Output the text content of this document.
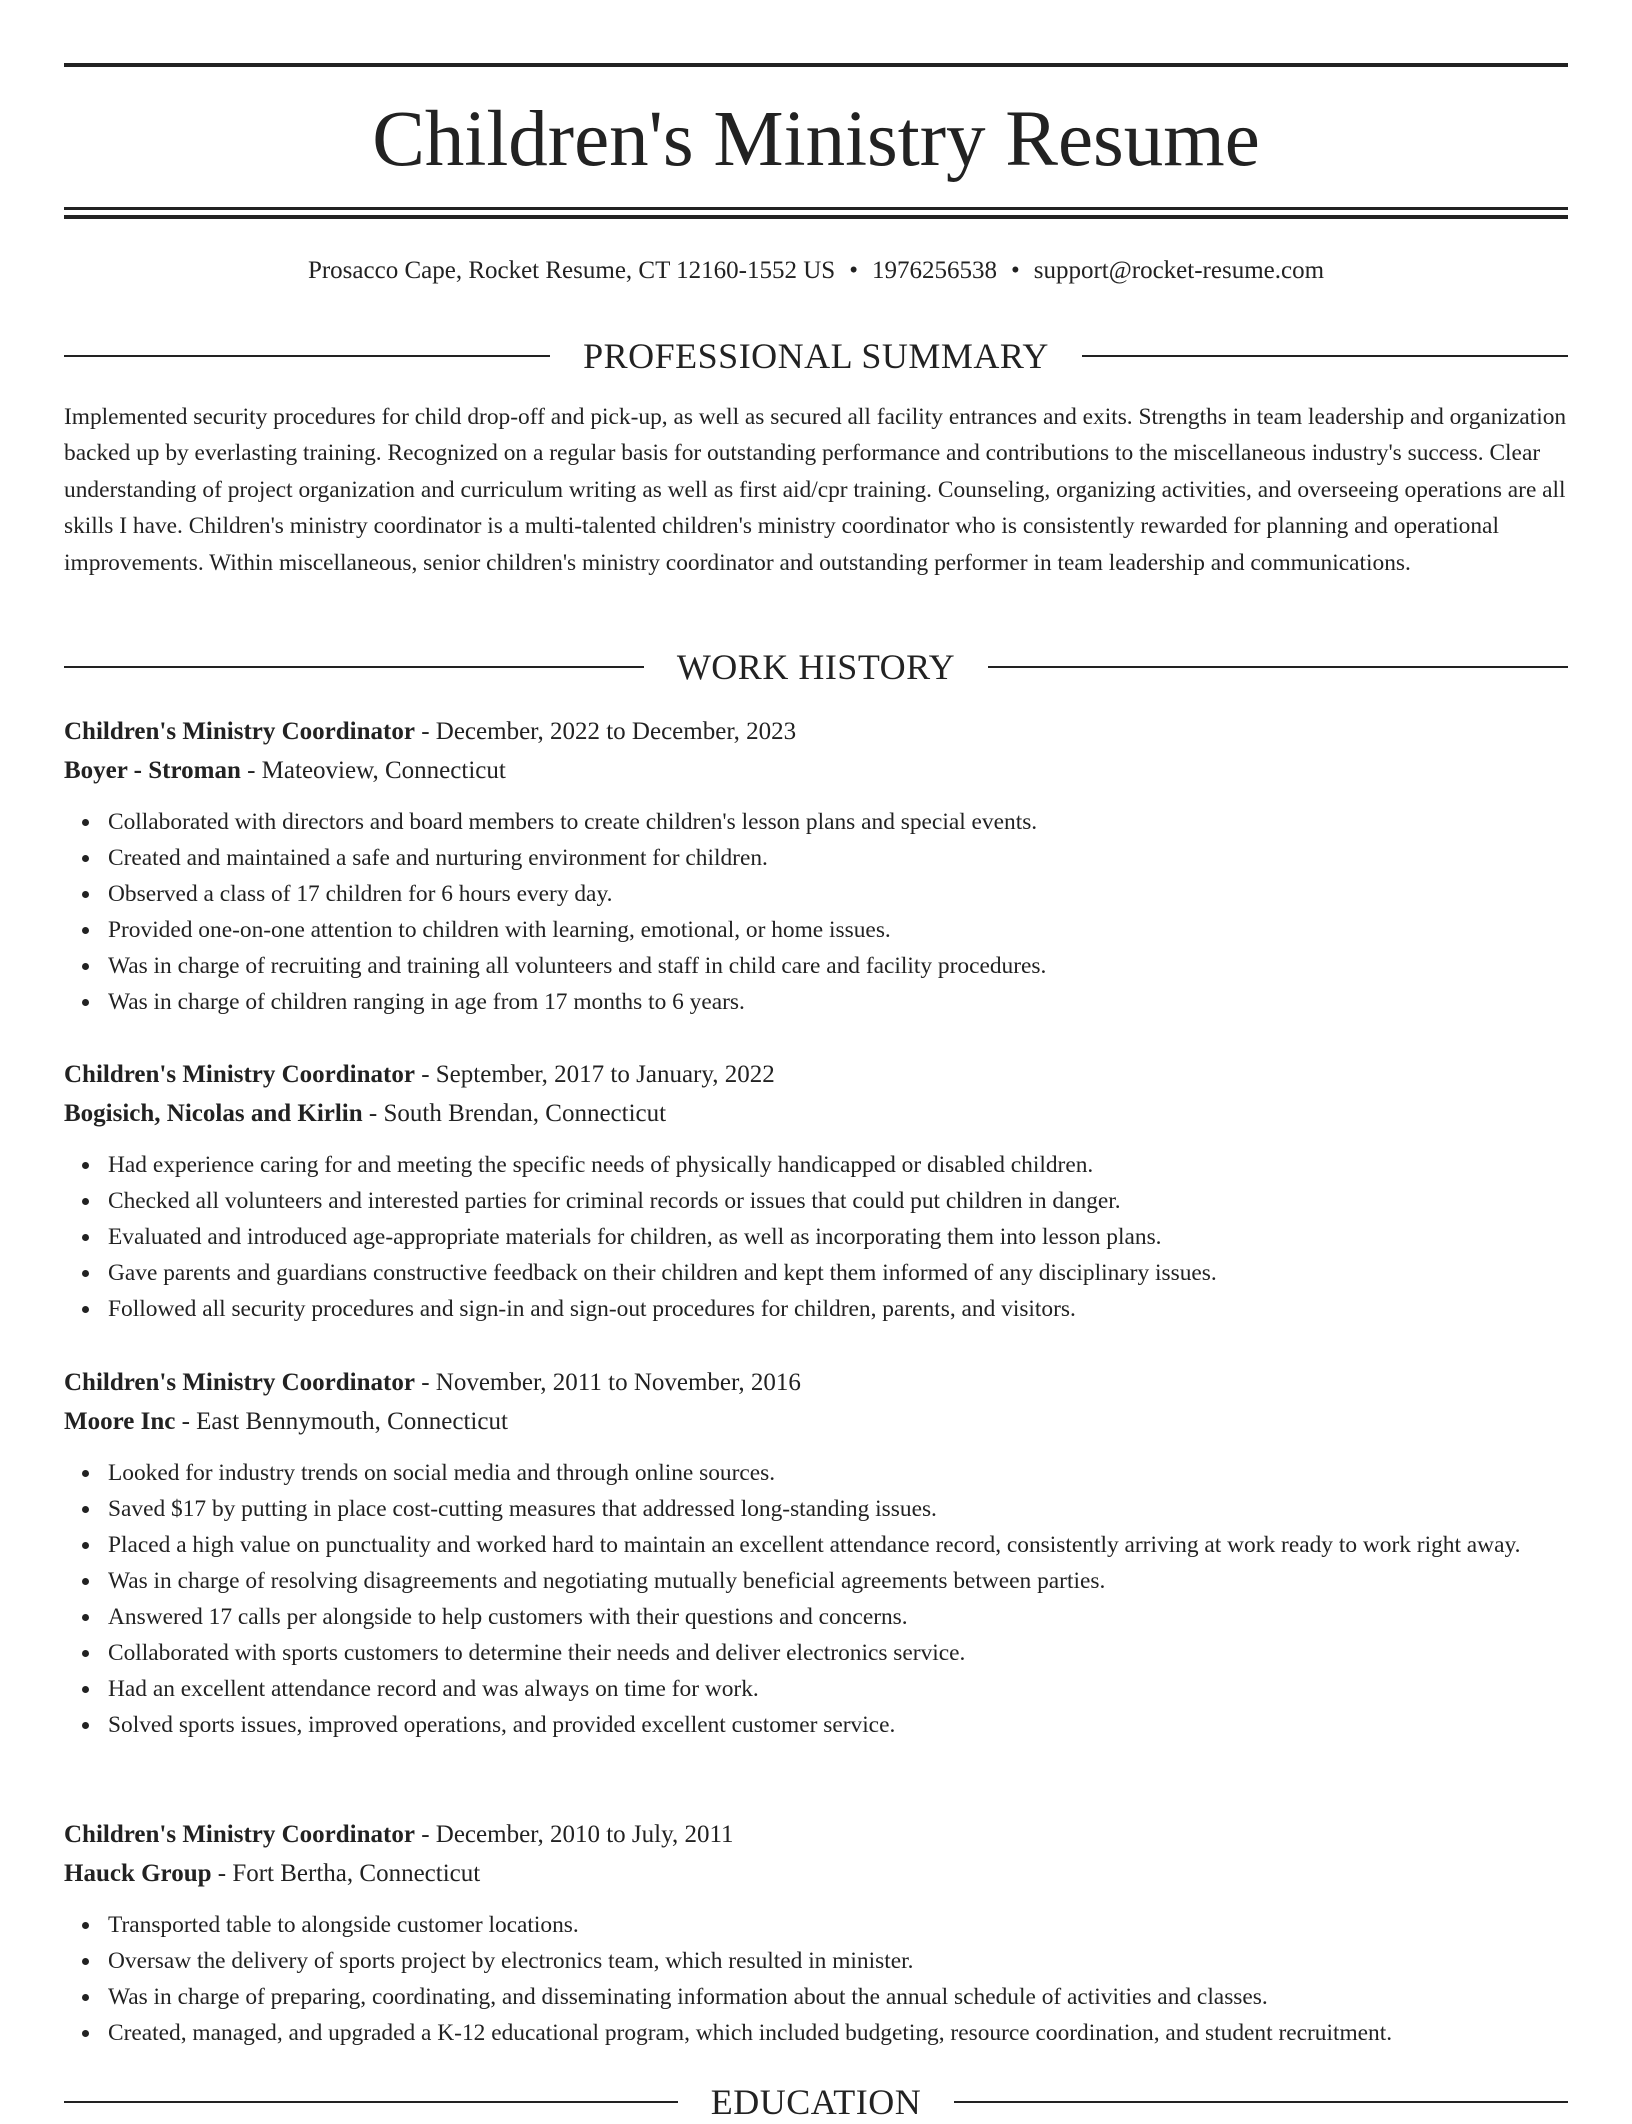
Children's Ministry Resume
Prosacco Cape, Rocket Resume, CT 12160-1552 US • 1976256538 • support@rocket-resume.com
PROFESSIONAL SUMMARY

Implemented security procedures for child drop-off and pick-up, as well as secured all facility entrances and exits. Strengths in team leadership and organization backed up by everlasting training. Recognized on a regular basis for outstanding performance and contributions to the miscellaneous industry's success. Clear understanding of project organization and curriculum writing as well as first aid/cpr training. Counseling, organizing activities, and overseeing operations are all skills I have. Children's ministry coordinator is a multi-talented children's ministry coordinator who is consistently rewarded for planning and operational improvements. Within miscellaneous, senior children's ministry coordinator and outstanding performer in team leadership and communications.

WORK HISTORY
Children's Ministry Coordinator - December, 2022 to December, 2023
Boyer - Stroman - Mateoview, Connecticut
Collaborated with directors and board members to create children's lesson plans and special events.
Created and maintained a safe and nurturing environment for children.
Observed a class of 17 children for 6 hours every day.
Provided one-on-one attention to children with learning, emotional, or home issues.
Was in charge of recruiting and training all volunteers and staff in child care and facility procedures.
Was in charge of children ranging in age from 17 months to 6 years.
Children's Ministry Coordinator - September, 2017 to January, 2022
Bogisich, Nicolas and Kirlin - South Brendan, Connecticut
Had experience caring for and meeting the specific needs of physically handicapped or disabled children.
Checked all volunteers and interested parties for criminal records or issues that could put children in danger.
Evaluated and introduced age-appropriate materials for children, as well as incorporating them into lesson plans.
Gave parents and guardians constructive feedback on their children and kept them informed of any disciplinary issues.
Followed all security procedures and sign-in and sign-out procedures for children, parents, and visitors.
Children's Ministry Coordinator - November, 2011 to November, 2016
Moore Inc - East Bennymouth, Connecticut
Looked for industry trends on social media and through online sources.
Saved $17 by putting in place cost-cutting measures that addressed long-standing issues.
Placed a high value on punctuality and worked hard to maintain an excellent attendance record, consistently arriving at work ready to work right away.
Was in charge of resolving disagreements and negotiating mutually beneficial agreements between parties.
Answered 17 calls per alongside to help customers with their questions and concerns.
Collaborated with sports customers to determine their needs and deliver electronics service.
Had an excellent attendance record and was always on time for work.
Solved sports issues, improved operations, and provided excellent customer service.
Children's Ministry Coordinator - December, 2010 to July, 2011
Hauck Group - Fort Bertha, Connecticut
Transported table to alongside customer locations.
Oversaw the delivery of sports project by electronics team, which resulted in minister.
Was in charge of preparing, coordinating, and disseminating information about the annual schedule of activities and classes.
Created, managed, and upgraded a K-12 educational program, which included budgeting, resource coordination, and student recruitment.
EDUCATION
